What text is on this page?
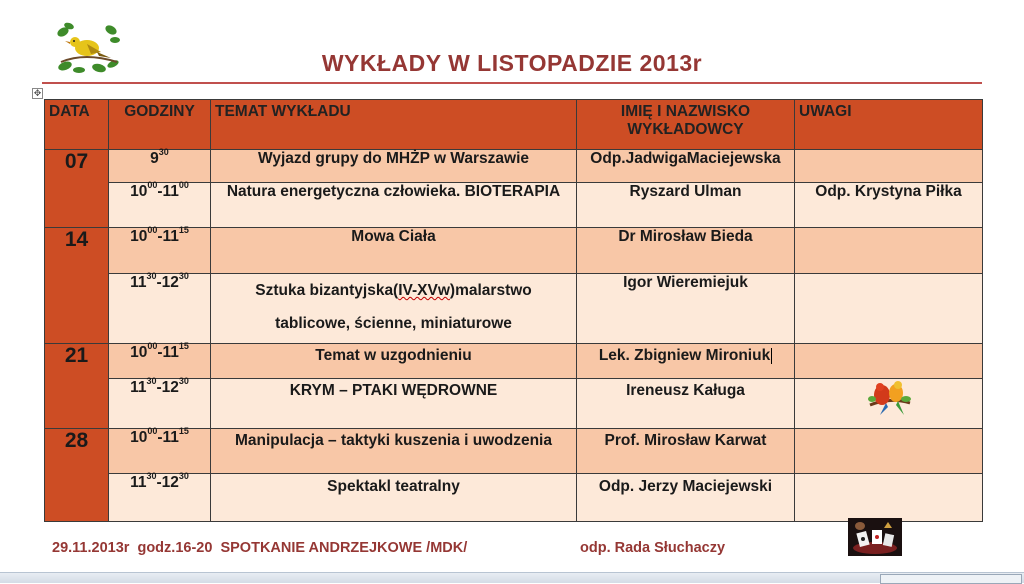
WYKŁADY W LISTOPADZIE 2013r
✥
DATA	GODZINY	TEMAT WYKŁADU	IMIĘ I NAZWISKO
WYKŁADOWCY	UWAGI
07	$9^{30}$	Wyjazd grupy do MHŻP w Warszawie	Odp.JadwigaMaciejewska	
	$10^{00}-11^{00}$	Natura energetyczna człowieka. BIOTERAPIA	Ryszard Ulman	Odp. Krystyna Piłka
14	$10^{00}-11^{15}$	Mowa Ciała	Dr Mirosław Bieda	
	$11^{30}-12^{30}$	Sztuka bizantyjska(IV-XVw)malarstwo
tablicowe, ścienne, miniaturowe	Igor Wieremiejuk	
21	$10^{00}-11^{15}$	Temat w uzgodnieniu	Lek. Zbigniew Mironiuk	
	$11^{30}-12^{30}$	KRYM – PTAKI WĘDROWNE	Ireneusz Kaługa	
28	$10^{00}-11^{15}$	Manipulacja – taktyki kuszenia i uwodzenia	Prof. Mirosław Karwat	
	$11^{30}-12^{30}$	Spektakl teatralny	Odp. Jerzy Maciejewski	
29.11.2013r  godz.16-20  SPOTKANIE ANDRZEJKOWE /MDK/	odp. Rada Słuchaczy
